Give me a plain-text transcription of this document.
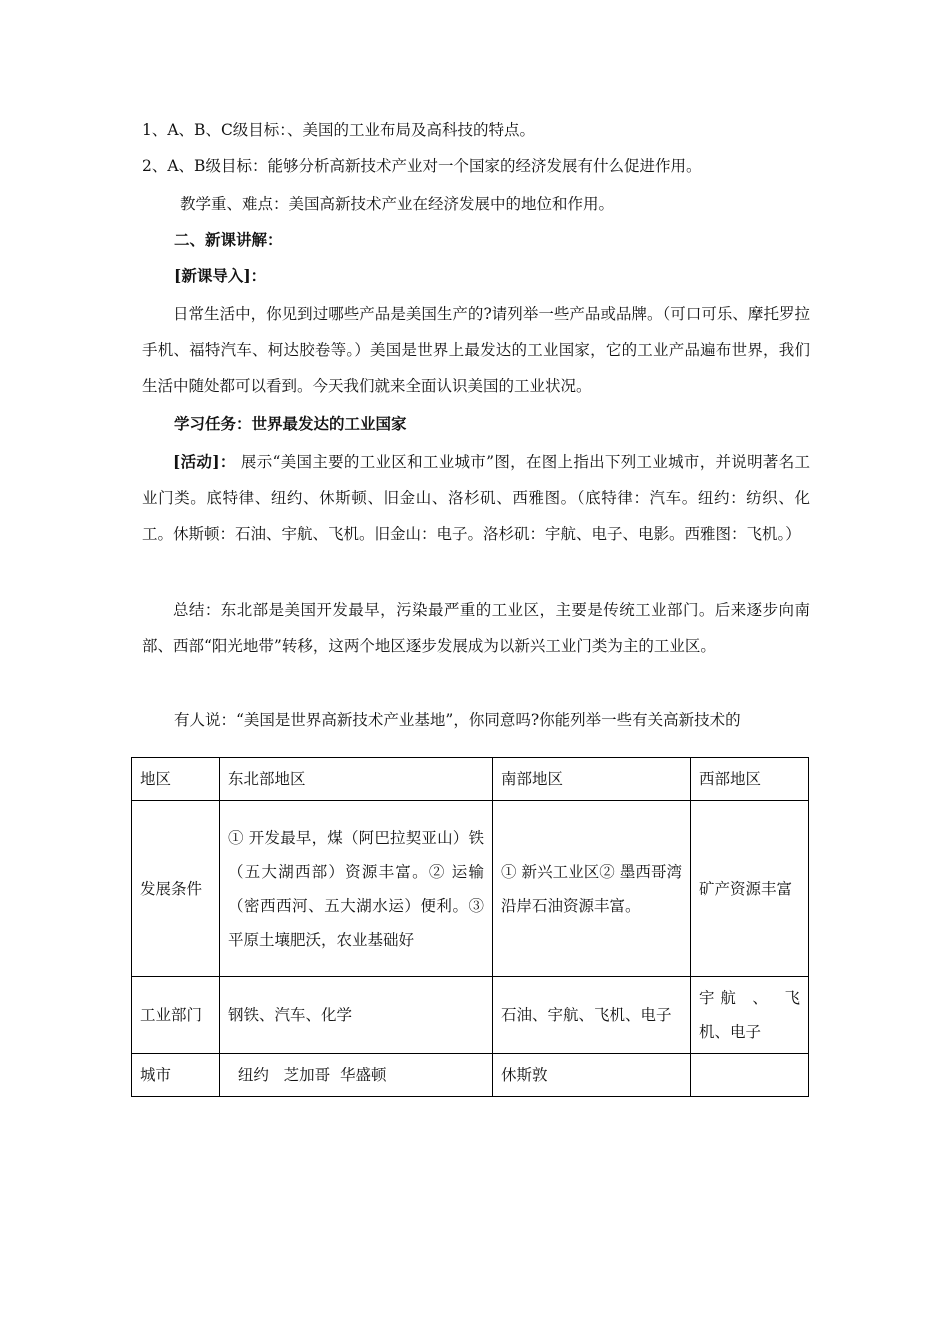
1、A、B、C级目标：、美国的工业布局及高科技的特点。
2、A、B级目标：能够分析高新技术产业对一个国家的经济发展有什么促进作用。
教学重、难点：美国高新技术产业在经济发展中的地位和作用。
二、新课讲解：
[新课导入]：
日常生活中，你见到过哪些产品是美国生产的?请列举一些产品或品牌。（可口可乐、摩托罗拉手机、福特汽车、柯达胶卷等。）美国是世界上最发达的工业国家，它的工业产品遍布世界，我们生活中随处都可以看到。今天我们就来全面认识美国的工业状况。
学习任务：世界最发达的工业国家
[活动]： 展示“美国主要的工业区和工业城市”图，在图上指出下列工业城市，并说明著名工业门类。底特律、纽约、休斯顿、旧金山、洛杉矶、西雅图。（底特律：汽车。纽约：纺织、化工。休斯顿：石油、宇航、飞机。旧金山：电子。洛杉矶：宇航、电子、电影。西雅图：飞机。）
总结：东北部是美国开发最早，污染最严重的工业区，主要是传统工业部门。后来逐步向南部、西部“阳光地带”转移，这两个地区逐步发展成为以新兴工业门类为主的工业区。
有人说：“美国是世界高新技术产业基地”，你同意吗?你能列举一些有关高新技术的
地区	东北部地区	南部地区	西部地区
发展条件	① 开发最早，煤（阿巴拉契亚山）铁（五大湖西部）资源丰富。② 运输（密西西河、五大湖水运）便利。③ 平原土壤肥沃，农业基础好	① 新兴工业区② 墨西哥湾沿岸石油资源丰富。	矿产资源丰富
工业部门	钢铁、汽车、化学	石油、宇航、飞机、电子	宇航 、 飞机、电子
城市	纽约   芝加哥  华盛顿	休斯敦	
